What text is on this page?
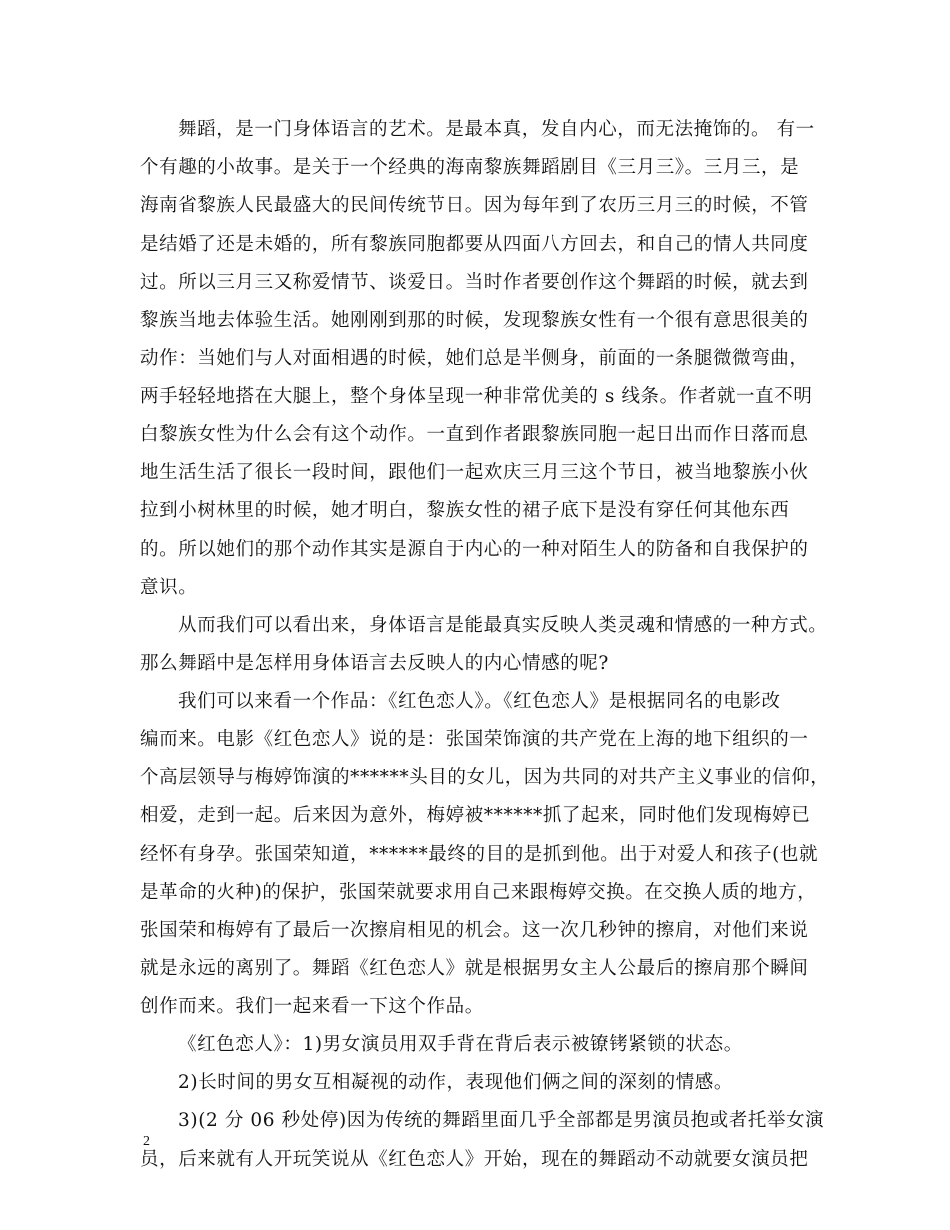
舞蹈，是一门身体语言的艺术。是最本真，发自内心，而无法掩饰的。 有一
个有趣的小故事。是关于一个经典的海南黎族舞蹈剧目《三月三》。三月三，是
海南省黎族人民最盛大的民间传统节日。因为每年到了农历三月三的时候，不管
是结婚了还是未婚的，所有黎族同胞都要从四面八方回去，和自己的情人共同度
过。所以三月三又称爱情节、谈爱日。当时作者要创作这个舞蹈的时候，就去到
黎族当地去体验生活。她刚刚到那的时候，发现黎族女性有一个很有意思很美的
动作：当她们与人对面相遇的时候，她们总是半侧身，前面的一条腿微微弯曲，
两手轻轻地搭在大腿上，整个身体呈现一种非常优美的 s 线条。作者就一直不明
白黎族女性为什么会有这个动作。一直到作者跟黎族同胞一起日出而作日落而息
地生活生活了很长一段时间，跟他们一起欢庆三月三这个节日，被当地黎族小伙
拉到小树林里的时候，她才明白，黎族女性的裙子底下是没有穿任何其他东西
的。所以她们的那个动作其实是源自于内心的一种对陌生人的防备和自我保护的
意识。
从而我们可以看出来，身体语言是能最真实反映人类灵魂和情感的一种方式。
那么舞蹈中是怎样用身体语言去反映人的内心情感的呢?
我们可以来看一个作品：《红色恋人》。《红色恋人》是根据同名的电影改
编而来。电影《红色恋人》说的是：张国荣饰演的共产党在上海的地下组织的一
个高层领导与梅婷饰演的******头目的女儿，因为共同的对共产主义事业的信仰，
相爱，走到一起。后来因为意外，梅婷被******抓了起来，同时他们发现梅婷已
经怀有身孕。张国荣知道，******最终的目的是抓到他。出于对爱人和孩子(也就
是革命的火种)的保护，张国荣就要求用自己来跟梅婷交换。在交换人质的地方，
张国荣和梅婷有了最后一次擦肩相见的机会。这一次几秒钟的擦肩，对他们来说
就是永远的离别了。舞蹈《红色恋人》就是根据男女主人公最后的擦肩那个瞬间
创作而来。我们一起来看一下这个作品。
《红色恋人》：1)男女演员用双手背在背后表示被镣铐紧锁的状态。
2)长时间的男女互相凝视的动作，表现他们俩之间的深刻的情感。
3)(2 分 06 秒处停)因为传统的舞蹈里面几乎全部都是男演员抱或者托举女演
员，后来就有人开玩笑说从《红色恋人》开始，现在的舞蹈动不动就要女演员把
2
